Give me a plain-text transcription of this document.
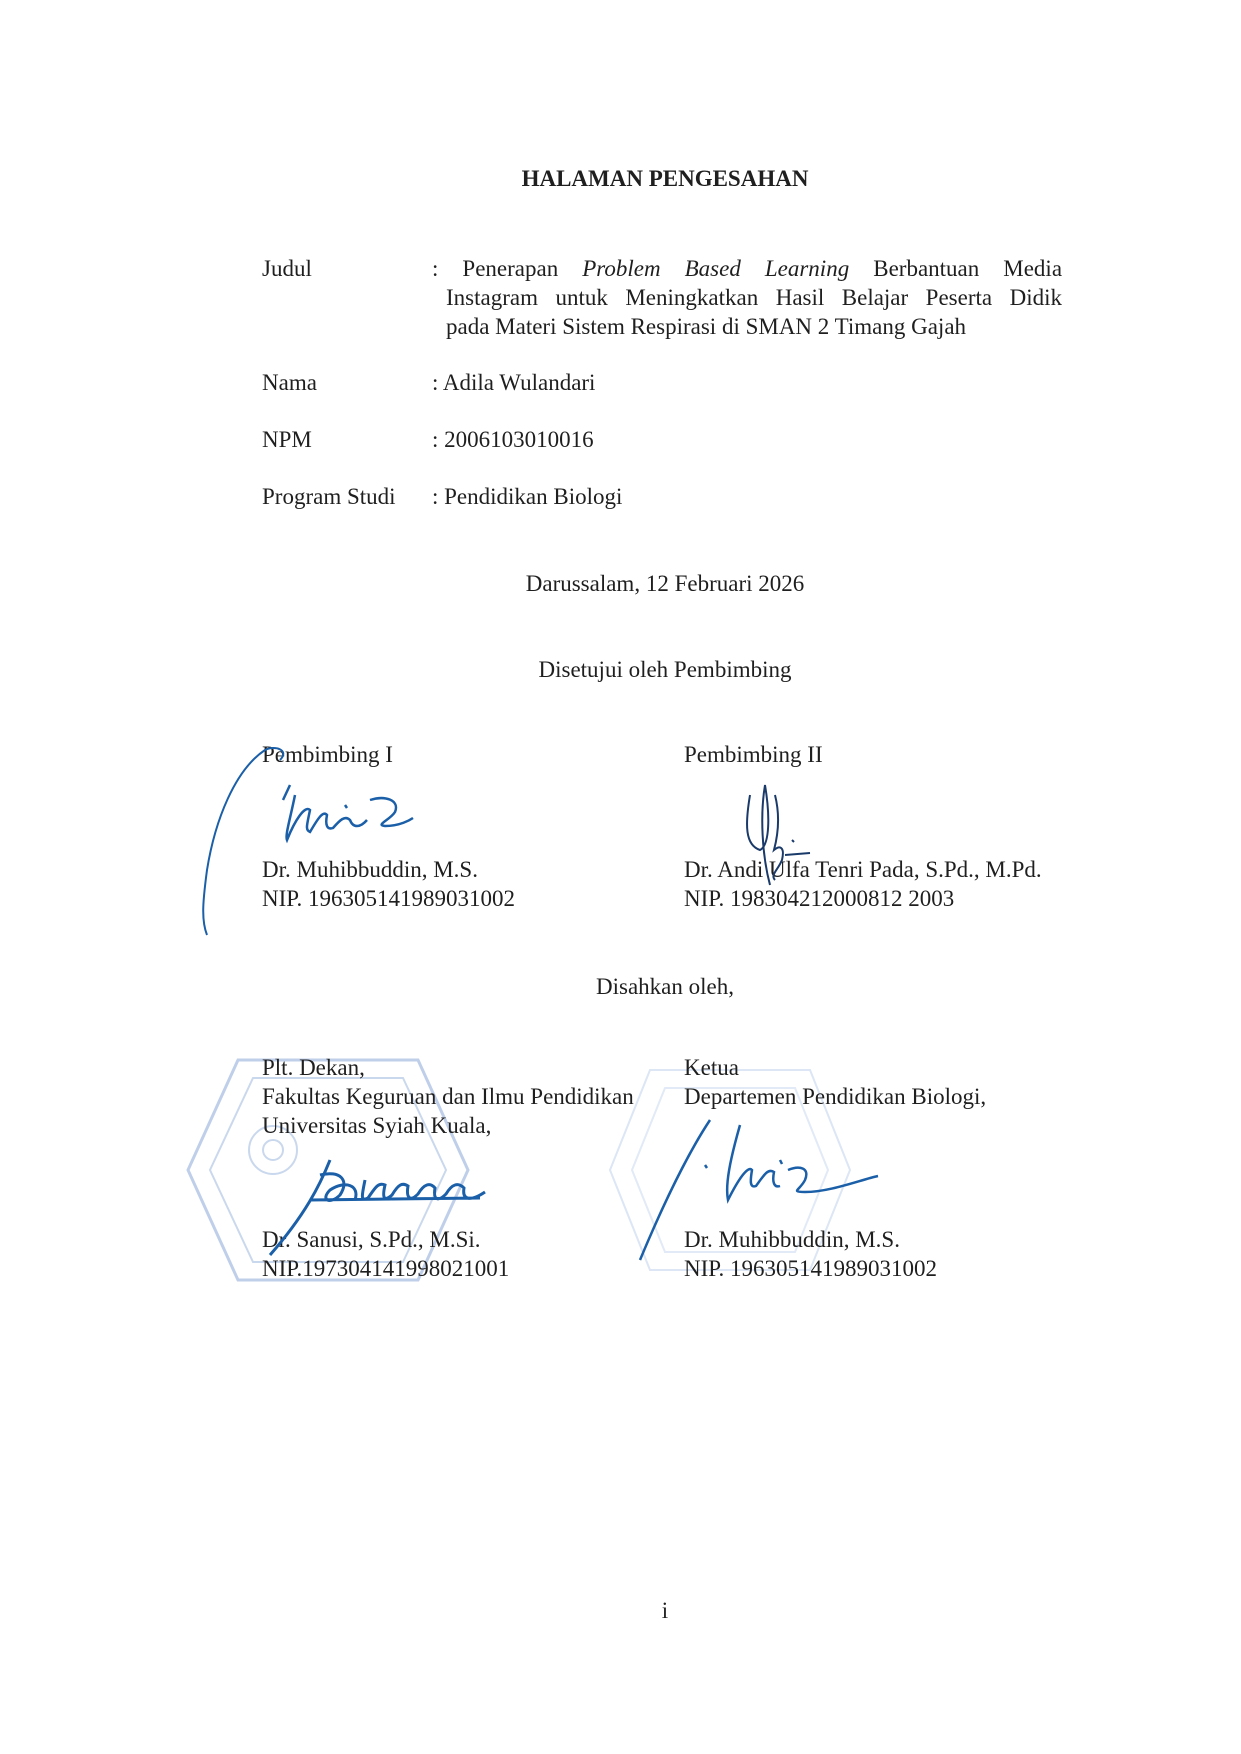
HALAMAN PENGESAHAN
Judul	: Penerapan Problem Based Learning Berbantuan Media
Instagram untuk Meningkatkan Hasil Belajar Peserta Didik
pada Materi Sistem Respirasi di SMAN 2 Timang Gajah
Nama	: Adila Wulandari
NPM	: 2006103010016
Program Studi : Pendidikan Biologi
Darussalam, 12 Februari 2026
Disetujui oleh Pembimbing
Pembimbing I
Dr. Muhibbuddin, M.S.
NIP. 196305141989031002
Pembimbing II
Dr. Andi Ulfa Tenri Pada, S.Pd., M.Pd.
NIP. 198304212000812 2003
Disahkan oleh,
Plt. Dekan,
Fakultas Keguruan dan Ilmu Pendidikan
Universitas Syiah Kuala,
Dr. Sanusi, S.Pd., M.Si.
NIP.197304141998021001
Ketua
Departemen Pendidikan Biologi,
Dr. Muhibbuddin, M.S.
NIP. 196305141989031002
i
